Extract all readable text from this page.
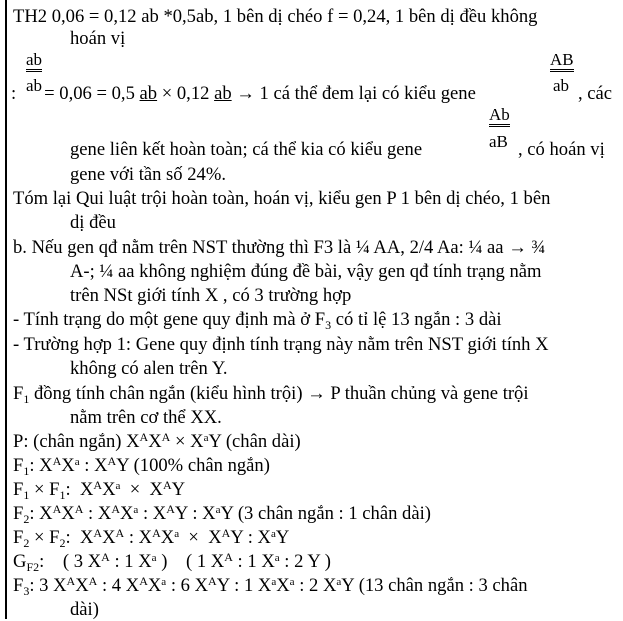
TH2 0,06 = 0,12 ab *0,5ab, 1 bên dị chéo f = 0,24, 1 bên dị đều không
hoán vị
ab
ab
: = 0,06 = 0,5 ab × 0,12 ab → 1 cá thể đem lại có kiểu gene
AB
ab , các
Ab
aB
gene liên kết hoàn toàn; cá thể kia có kiểu gene	, có hoán vị
gene với tần số 24%.
Tóm lại Qui luật trội hoàn toàn, hoán vị, kiểu gen P 1 bên dị chéo, 1 bên
dị đều
b. Nếu gen qđ nằm trên NST thường thì F3 là ¼ AA, 2/4 Aa: ¼ aa → ¾
A-; ¼ aa không nghiệm đúng đề bài, vậy gen qđ tính trạng nằm
trên NSt giới tính X , có 3 trường hợp
- Tính trạng do một gene quy định mà ở $F_3$ có tỉ lệ 13 ngắn : 3 dài
- Trường hợp 1: Gene quy định tính trạng này nằm trên NST giới tính X
không có alen trên Y.
$F_1$ đồng tính chân ngắn (kiểu hình trội) → P thuần chủng và gene trội
nằm trên cơ thể XX.
P: (chân ngắn) $X^AX^A \times X^aY$ (chân dài)
$F_1$: $X^AX^a$ : $X^AY$ (100% chân ngắn)
$F_1 \times F_1$: $X^AX^a \times X^AY$
$F_2$: $X^AX^A$ : $X^AX^a$ : $X^AY$ : $X^aY$ (3 chân ngắn : 1 chân dài)
$F_2 \times F_2$: $X^AX^A$ : $X^AX^a \times X^AY$ : $X^aY$
$G_{F2}$:    ( 3 $X^A$ : 1 $X^a$ )    ( 1 $X^A$ : 1 $X^a$ : 2 Y )
$F_3$: 3 $X^AX^A$ : 4 $X^AX^a$ : 6 $X^AY$ : 1 $X^aX^a$ : 2 $X^aY$ (13 chân ngắn : 3 chân
dài)
